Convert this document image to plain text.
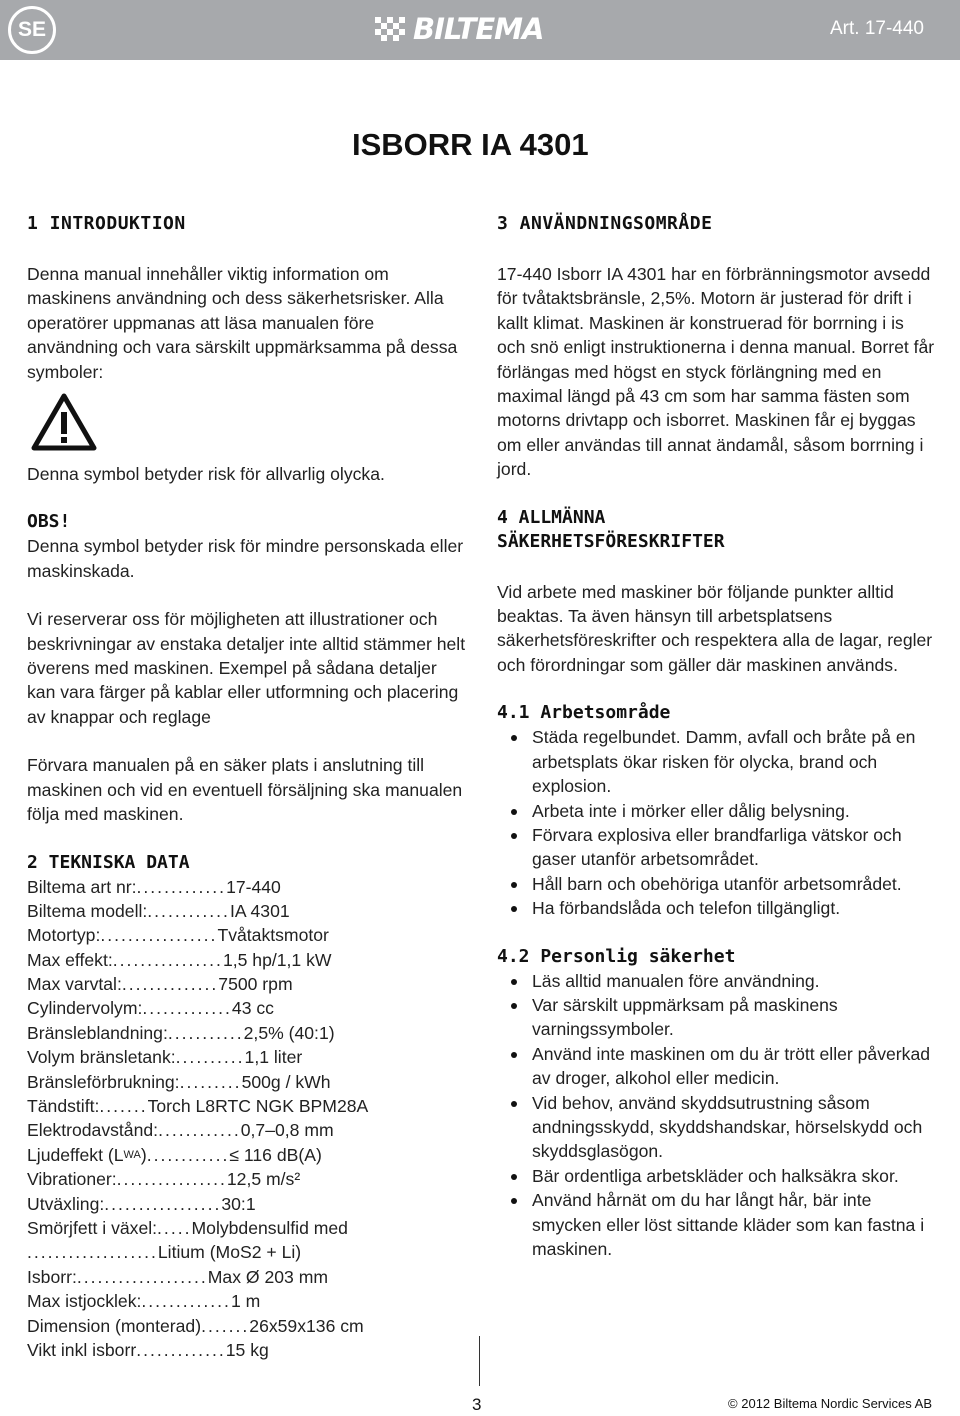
SE	BILTEMA	Art. 17-440
ISBORR IA 4301
1 INTRODUKTION

Denna manual innehåller viktig information om maskinens användning och dess säkerhetsrisker. Alla operatörer uppmanas att läsa manualen före användning och vara särskilt uppmärksamma på dessa symboler:

Denna symbol betyder risk för allvarlig olycka.

OBS!

Denna symbol betyder risk för mindre personskada eller maskinskada.

Vi reserverar oss för möjligheten att illustrationer och beskrivningar av enstaka detaljer inte alltid stämmer helt överens med maskinen. Exempel på sådana detaljer kan vara färger på kablar eller utformning och placering av knappar och reglage

Förvara manualen på en säker plats i anslutning till maskinen och vid en eventuell försäljning ska manualen följa med maskinen.

2 TEKNISKA DATA
Biltema art nr: ............. 17-440
Biltema modell: ............ IA 4301
Motortyp: ................. Tvåtaktsmotor
Max effekt: ................ 1,5 hp/1,1 kW
Max varvtal: .............. 7500 rpm
Cylindervolym: ............. 43 cc
Bränsleblandning: ........... 2,5% (40:1)
Volym bränsletank: .......... 1,1 liter
Bränsleförbrukning: ......... 500g / kWh
Tändstift: ....... Torch L8RTC NGK BPM28A
Elektrodavstånd: ............ 0,7–0,8 mm
Ljudeffekt (L WA ) ............ ≤ 116 dB(A)
Vibrationer: ................ 12,5 m/s²
Utväxling: ................. 30:1
Smörjfett i växel: ..... Molybdensulfid med
................... Litium (MoS2 + Li)
Isborr: ................... Max Ø 203 mm
Max istjocklek: ............. 1 m
Dimension (monterad) ....... 26x59x136 cm
Vikt inkl isborr ............. 15 kg
3 ANVÄNDNINGSOMRÅDE

17-440 Isborr IA 4301 har en förbränningsmotor avsedd för tvåtaktsbränsle, 2,5%. Motorn är justerad för drift i kallt klimat. Maskinen är konstruerad för borrning i is och snö enligt instruktionerna i denna manual. Borret får förlängas med högst en styck förlängning med en maximal längd på 43 cm som har samma fästen som motorns drivtapp och isborret. Maskinen får ej byggas om eller användas till annat ändamål, såsom borrning i jord.

4 ALLMÄNNA
SÄKERHETSFÖRESKRIFTER

Vid arbete med maskiner bör följande punkter alltid beaktas. Ta även hänsyn till arbetsplatsens säkerhetsföreskrifter och respektera alla de lagar, regler och förordningar som gäller där maskinen används.

4.1 Arbetsområde
Städa regelbundet. Damm, avfall och bråte på en arbetsplats ökar risken för olycka, brand och explosion.
Arbeta inte i mörker eller dålig belysning.
Förvara explosiva eller brandfarliga vätskor och gaser utanför arbetsområdet.
Håll barn och obehöriga utanför arbetsområdet.
Ha förbandslåda och telefon tillgängligt.
4.2 Personlig säkerhet
Läs alltid manualen före användning.
Var särskilt uppmärksam på maskinens varningssymboler.
Använd inte maskinen om du är trött eller påverkad av droger, alkohol eller medicin.
Vid behov, använd skyddsutrustning såsom andningsskydd, skyddshandskar, hörselskydd och skyddsglasögon.
Bär ordentliga arbetskläder och halksäkra skor.
Använd hårnät om du har långt hår, bär inte smycken eller löst sittande kläder som kan fastna i maskinen.
3	© 2012 Biltema Nordic Services AB
